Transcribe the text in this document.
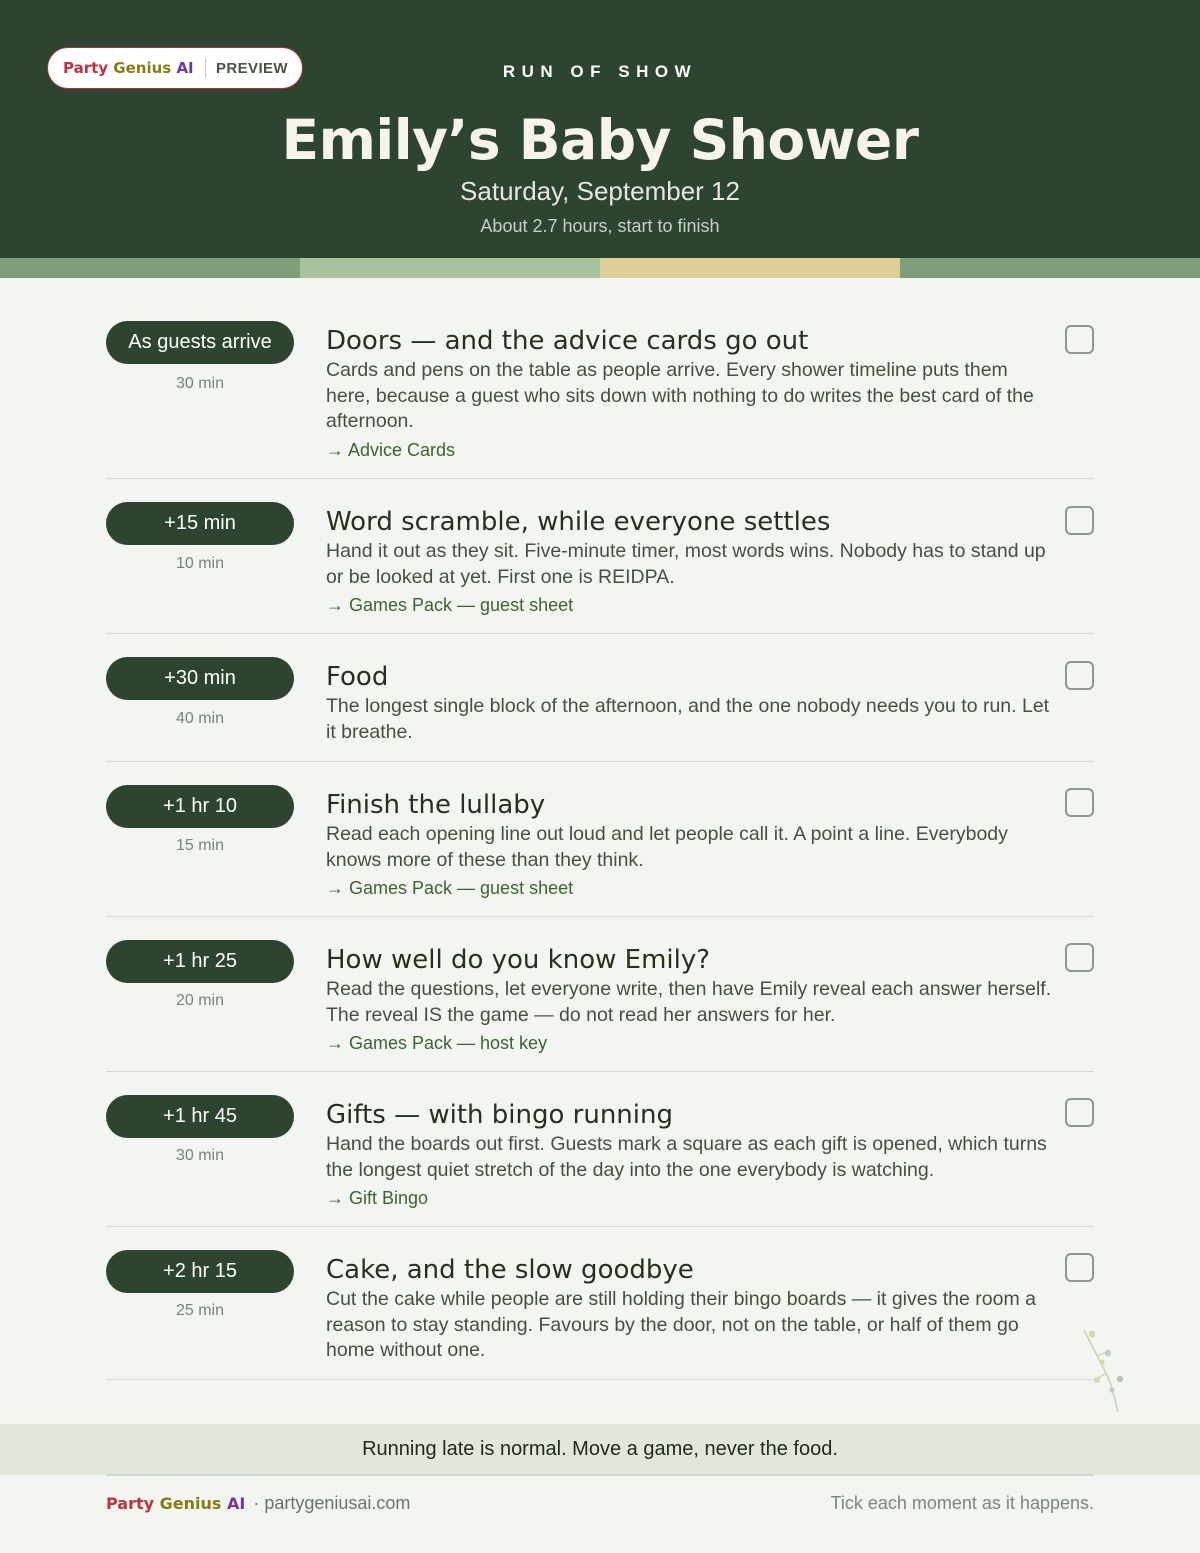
Party Genius AI PREVIEW	RUN OF SHOW
Emily’s Baby Shower
Saturday, September 12
About 2.7 hours, start to finish
As guests arrive
30 min
Doors — and the advice cards go out
Cards and pens on the table as people arrive. Every shower timeline puts them here, because a guest who sits down with nothing to do writes the best card of the afternoon.
→ Advice Cards
+15 min
10 min
Word scramble, while everyone settles
Hand it out as they sit. Five-minute timer, most words wins. Nobody has to stand up or be looked at yet. First one is REIDPA.
→ Games Pack — guest sheet
+30 min
40 min
Food
The longest single block of the afternoon, and the one nobody needs you to run. Let it breathe.
+1 hr 10
15 min
Finish the lullaby
Read each opening line out loud and let people call it. A point a line. Everybody knows more of these than they think.
→ Games Pack — guest sheet
+1 hr 25
20 min
How well do you know Emily?
Read the questions, let everyone write, then have Emily reveal each answer herself. The reveal IS the game — do not read her answers for her.
→ Games Pack — host key
+1 hr 45
30 min
Gifts — with bingo running
Hand the boards out first. Guests mark a square as each gift is opened, which turns the longest quiet stretch of the day into the one everybody is watching.
→ Gift Bingo
+2 hr 15
25 min
Cake, and the slow goodbye
Cut the cake while people are still holding their bingo boards — it gives the room a reason to stay standing. Favours by the door, not on the table, or half of them go home without one.
Running late is normal. Move a game, never the food.
Party Genius AI · partygeniusai.com	Tick each moment as it happens.
